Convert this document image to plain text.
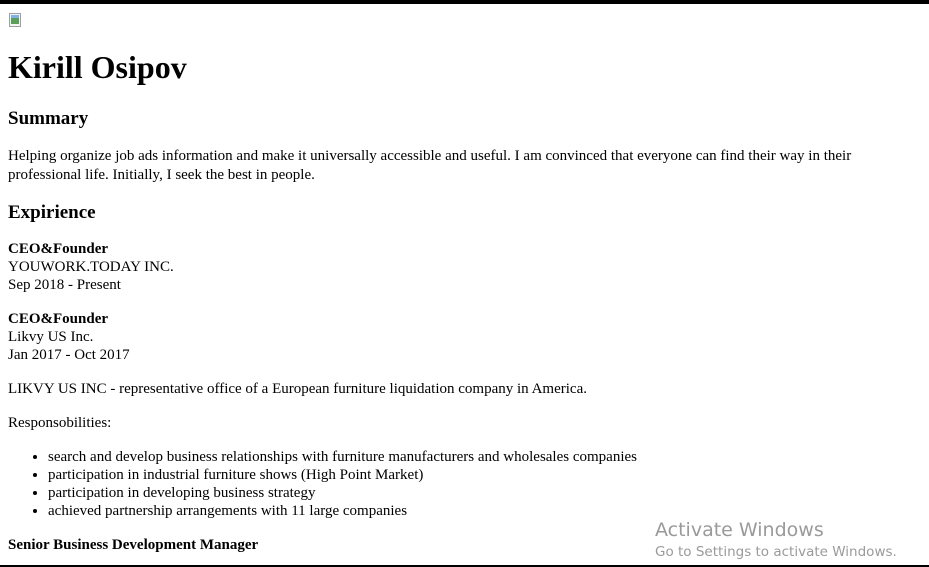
Kirill Osipov
Summary
Helping organize job ads information and make it universally accessible and useful. I am convinced that everyone can find their way in their professional life. Initially, I seek the best in people.
Expirience
CEO&Founder
YOUWORK.TODAY INC.
Sep 2018 - Present
CEO&Founder
Likvy US Inc.
Jan 2017 - Oct 2017
LIKVY US INC - representative office of a European furniture liquidation company in America.
Responsobilities:
• search and develop business relationships with furniture manufacturers and wholesales companies
• participation in industrial furniture shows (High Point Market)
• participation in developing business strategy
• achieved partnership arrangements with 11 large companies
Senior Business Development Manager
Activate Windows
Go to Settings to activate Windows.
